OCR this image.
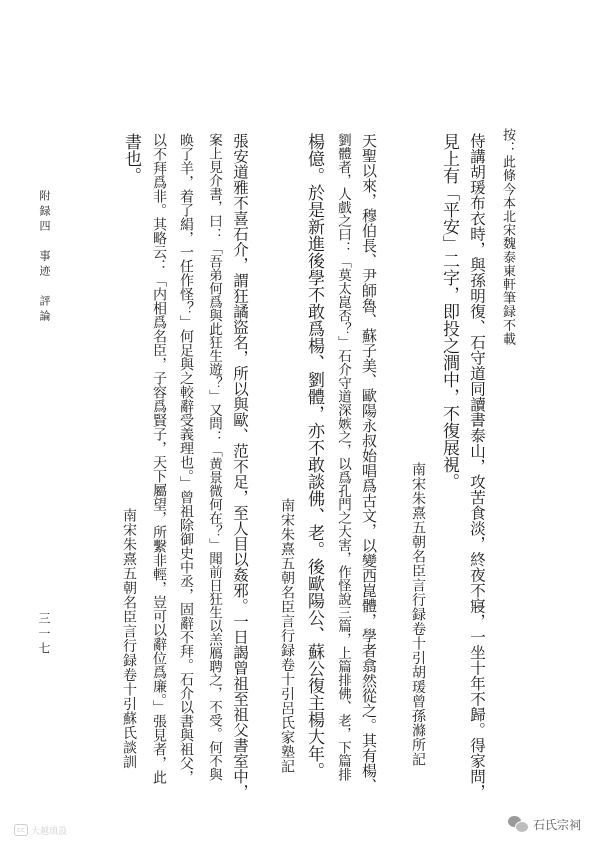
按：此條今本北宋魏泰東軒筆録不載
侍講胡瑗布衣時，與孫明復、石守道同讀書泰山，攻苦食淡，終夜不寢，一坐十年不歸。得家問，
見上有「平安」二字，即投之澗中，不復展視。
南宋朱熹五朝名臣言行録卷十引胡瑗曾孫滌所記
天聖以來，穆伯長、尹師魯、蘇子美、歐陽永叔始唱爲古文，以變西崑體，學者翕然從之。其有楊、
劉體者，人戲之曰：「莫太崑否？」石介守道深嫉之，以爲孔門之大害，作怪說三篇，上篇排佛、老，下篇排
楊億。於是新進後學不敢爲楊、劉體，亦不敢談佛、老。後歐陽公、蘇公復主楊大年。
南宋朱熹五朝名臣言行録卷十引呂氏家塾記
張安道雅不喜石介，謂狂譎盜名，所以與歐、范不足，至人目以姦邪。一日謁曾祖至祖父書室中，
案上見介書，曰：「吾弟何爲與此狂生遊？」又問：「黄景微何在？」聞前日狂生以羔鴈聘之，不受。何不與
㬇了羊，着了絹，一任作怪？」何足與之較辭受義理也。」曾祖除御史中丞，固辭不拜。石介以書與祖父，
以不拜爲非。其略云：「内相爲名臣，子容爲賢子，天下屬望，所繫非輕，豈可以辭位爲廉。」張見者，此
書也。
南宋朱熹五朝名臣言行録卷十引蘇氏談訓
附録四　事迹　評論
三一七
cc 大越瑣設	石氏宗祠
